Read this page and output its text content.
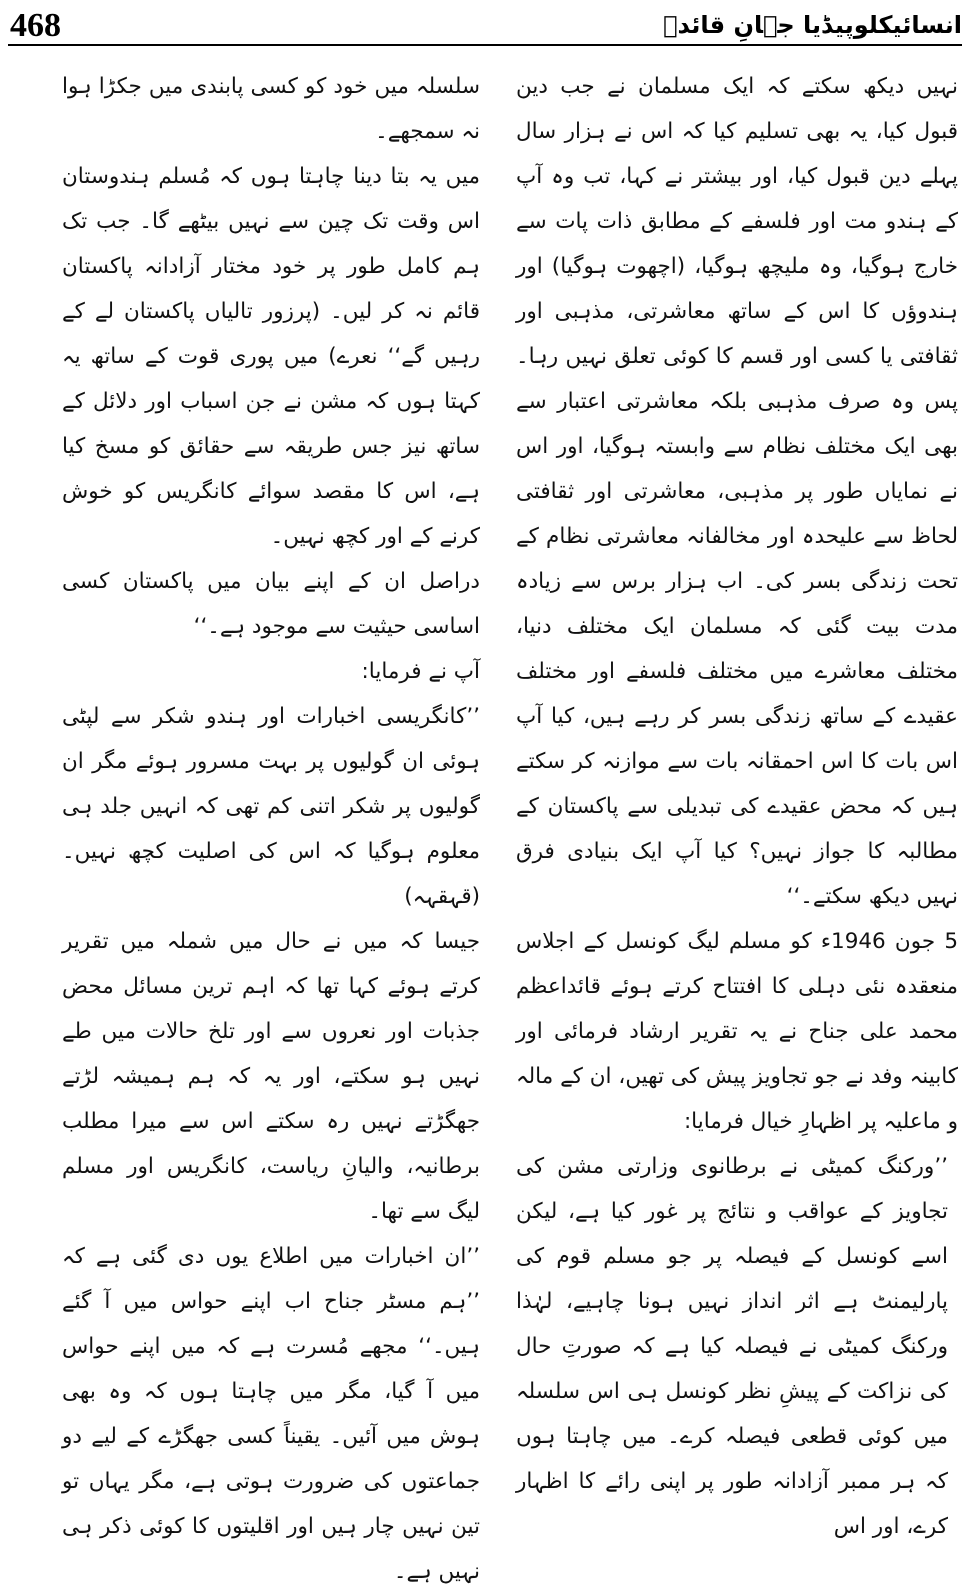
468	انسائیکلوپیڈیا جہانِ قائدؒ

نہیں دیکھ سکتے کہ ایک مسلمان نے جب دین قبول کیا، یہ بھی تسلیم کیا کہ اس نے ہزار سال پہلے دین قبول کیا، اور بیشتر نے کہا، تب وہ آپ کے ہندو مت اور فلسفے کے مطابق ذات پات سے خارج ہوگیا، وہ ملیچھ ہوگیا، (اچھوت ہوگیا) اور ہندوؤں کا اس کے ساتھ معاشرتی، مذہبی اور ثقافتی یا کسی اور قسم کا کوئی تعلق نہیں رہا۔ پس وہ صرف مذہبی بلکہ معاشرتی اعتبار سے بھی ایک مختلف نظام سے وابستہ ہوگیا، اور اس نے نمایاں طور پر مذہبی، معاشرتی اور ثقافتی لحاظ سے علیحدہ اور مخالفانہ معاشرتی نظام کے تحت زندگی بسر کی۔ اب ہزار برس سے زیادہ مدت بیت گئی کہ مسلمان ایک مختلف دنیا، مختلف معاشرے میں مختلف فلسفے اور مختلف عقیدے کے ساتھ زندگی بسر کر رہے ہیں، کیا آپ اس بات کا اس احمقانہ بات سے موازنہ کر سکتے ہیں کہ محض عقیدے کی تبدیلی سے پاکستان کے مطالبہ کا جواز نہیں؟ کیا آپ ایک بنیادی فرق نہیں دیکھ سکتے۔‘‘

5 جون 1946ء کو مسلم لیگ کونسل کے اجلاس منعقدہ نئی دہلی کا افتتاح کرتے ہوئے قائداعظم محمد علی جناح نے یہ تقریر ارشاد فرمائی اور کابینہ وفد نے جو تجاویز پیش کی تھیں، ان کے مالہ و ماعلیہ پر اظہارِ خیال فرمایا:

’’ورکنگ کمیٹی نے برطانوی وزارتی مشن کی تجاویز کے عواقب و نتائج پر غور کیا ہے، لیکن اسے کونسل کے فیصلہ پر جو مسلم قوم کی پارلیمنٹ ہے اثر انداز نہیں ہونا چاہیے، لہٰذا ورکنگ کمیٹی نے فیصلہ کیا ہے کہ صورتِ حال کی نزاکت کے پیشِ نظر کونسل ہی اس سلسلہ میں کوئی قطعی فیصلہ کرے۔ میں چاہتا ہوں کہ ہر ممبر آزادانہ طور پر اپنی رائے کا اظہار کرے، اور اس

سلسلہ میں خود کو کسی پابندی میں جکڑا ہوا نہ سمجھے۔

میں یہ بتا دینا چاہتا ہوں کہ مُسلم ہندوستان اس وقت تک چین سے نہیں بیٹھے گا۔ جب تک ہم کامل طور پر خود مختار آزادانہ پاکستان قائم نہ کر لیں۔ (پرزور تالیاں پاکستان لے کے رہیں گے‘‘ نعرے) میں پوری قوت کے ساتھ یہ کہتا ہوں کہ مشن نے جن اسباب اور دلائل کے ساتھ نیز جس طریقہ سے حقائق کو مسخ کیا ہے، اس کا مقصد سوائے کانگریس کو خوش کرنے کے اور کچھ نہیں۔

دراصل ان کے اپنے بیان میں پاکستان کسی اساسی حیثیت سے موجود ہے۔‘‘

آپ نے فرمایا:

’’کانگریسی اخبارات اور ہندو شکر سے لپٹی ہوئی ان گولیوں پر بہت مسرور ہوئے مگر ان گولیوں پر شکر اتنی کم تھی کہ انہیں جلد ہی معلوم ہوگیا کہ اس کی اصلیت کچھ نہیں۔ (قہقہہ)

جیسا کہ میں نے حال میں شملہ میں تقریر کرتے ہوئے کہا تھا کہ اہم ترین مسائل محض جذبات اور نعروں سے اور تلخ حالات میں طے نہیں ہو سکتے، اور یہ کہ ہم ہمیشہ لڑتے جھگڑتے نہیں رہ سکتے اس سے میرا مطلب برطانیہ، والیانِ ریاست، کانگریس اور مسلم لیگ سے تھا۔

’’ان اخبارات میں اطلاع یوں دی گئی ہے کہ ’’ہم مسٹر جناح اب اپنے حواس میں آ گئے ہیں۔‘‘ مجھے مُسرت ہے کہ میں اپنے حواس میں آ گیا، مگر میں چاہتا ہوں کہ وہ بھی ہوش میں آئیں۔ یقیناً کسی جھگڑے کے لیے دو جماعتوں کی ضرورت ہوتی ہے، مگر یہاں تو تین نہیں چار ہیں اور اقلیتوں کا کوئی ذکر ہی نہیں ہے۔
